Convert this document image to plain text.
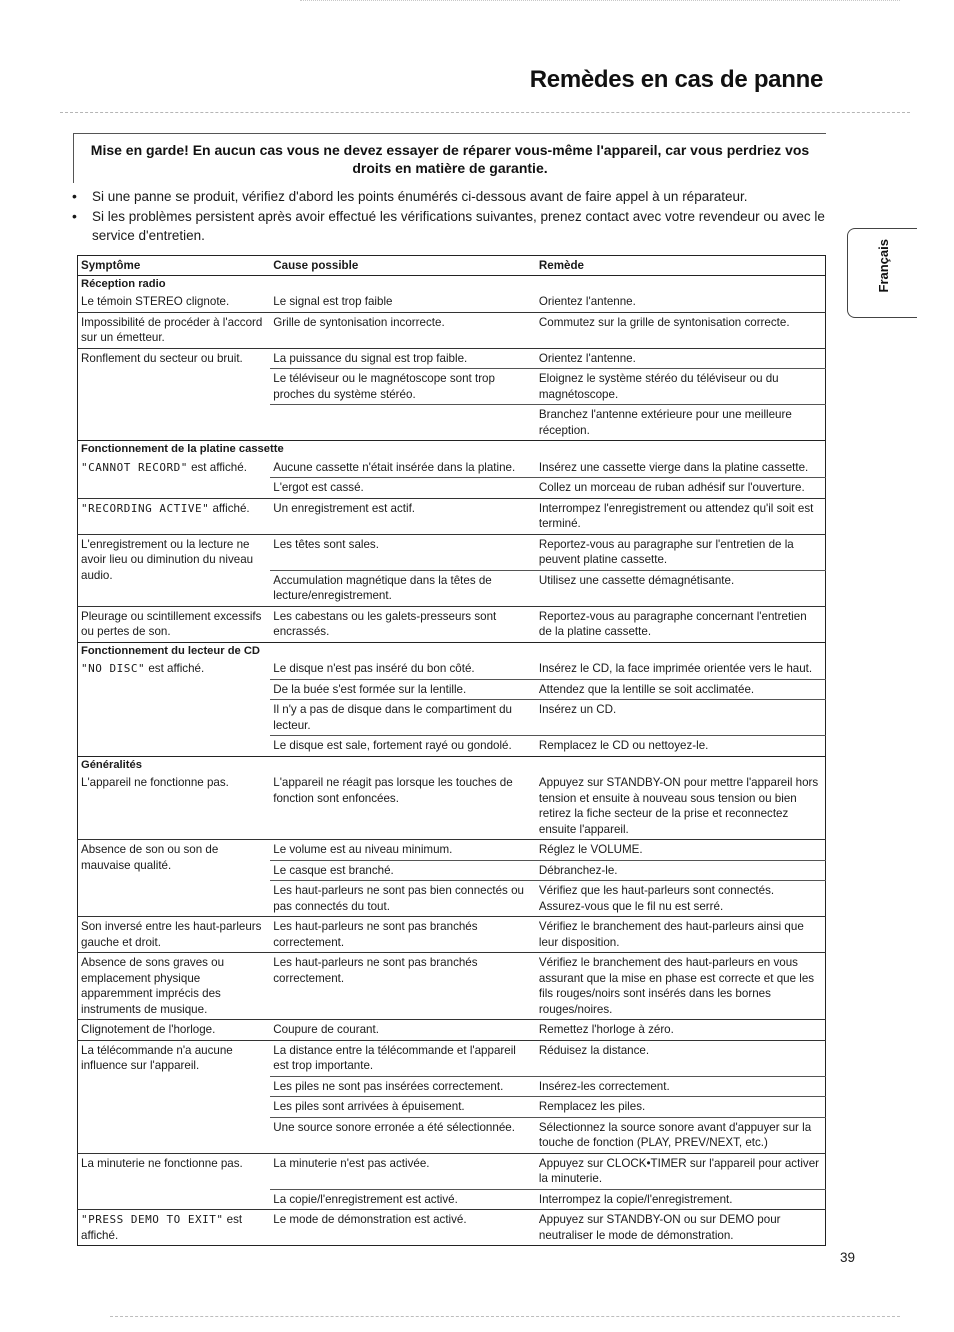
Remèdes en cas de panne

Mise en garde! En aucun cas vous ne devez essayer de réparer vous-même l'appareil, car vous perdriez vos droits en matière de garantie.

• Si une panne se produit, vérifiez d'abord les points énumérés ci-dessous avant de faire appel à un réparateur.
• Si les problèmes persistent après avoir effectué les vérifications suivantes, prenez contact avec votre revendeur ou avec le service d'entretien.
Français
Symptôme	Cause possible	Remède
Réception radio		
Le témoin STEREO clignote.	Le signal est trop faible	Orientez l'antenne.
Impossibilité de procéder à l'accord sur un émetteur.	Grille de syntonisation incorrecte.	Commutez sur la grille de syntonisation correcte.
Ronflement du secteur ou bruit.	La puissance du signal est trop faible.	Orientez l'antenne.
	Le téléviseur ou le magnétoscope sont trop proches du système stéréo.	Eloignez le système stéréo du téléviseur ou du magnétoscope.
		Branchez l'antenne extérieure pour une meilleure réception.
Fonctionnement de la platine cassette		
"CANNOT RECORD" est affiché.	Aucune cassette n'était insérée dans la platine.	Insérez une cassette vierge dans la platine cassette.
	L'ergot est cassé.	Collez un morceau de ruban adhésif sur l'ouverture.
"RECORDING ACTIVE" affiché.	Un enregistrement est actif.	Interrompez l'enregistrement ou attendez qu'il soit est terminé.
L'enregistrement ou la lecture ne avoir lieu ou diminution du niveau audio.	Les têtes sont sales.	Reportez-vous au paragraphe sur l'entretien de la peuvent platine cassette.
	Accumulation magnétique dans la têtes de lecture/enregistrement.	Utilisez une cassette démagnétisante.
Pleurage ou scintillement excessifs ou pertes de son.	Les cabestans ou les galets-presseurs sont encrassés.	Reportez-vous au paragraphe concernant l'entretien de la platine cassette.
Fonctionnement du lecteur de CD		
"NO DISC" est affiché.	Le disque n'est pas inséré du bon côté.	Insérez le CD, la face imprimée orientée vers le haut.
	De la buée s'est formée sur la lentille.	Attendez que la lentille se soit acclimatée.
	Il n'y a pas de disque dans le compartiment du lecteur.	Insérez un CD.
	Le disque est sale, fortement rayé ou gondolé.	Remplacez le CD ou nettoyez-le.
Généralités		
L'appareil ne fonctionne pas.	L'appareil ne réagit pas lorsque les touches de fonction sont enfoncées.	Appuyez sur STANDBY-ON pour mettre l'appareil hors tension et ensuite à nouveau sous tension ou bien retirez la fiche secteur de la prise et reconnectez ensuite l'appareil.
Absence de son ou son de mauvaise qualité.	Le volume est au niveau minimum.	Réglez le VOLUME.
	Le casque est branché.	Débranchez-le.
	Les haut-parleurs ne sont pas bien connectés ou pas connectés du tout.	Vérifiez que les haut-parleurs sont connectés. Assurez-vous que le fil nu est serré.
Son inversé entre les haut-parleurs gauche et droit.	Les haut-parleurs ne sont pas branchés correctement.	Vérifiez le branchement des haut-parleurs ainsi que leur disposition.
Absence de sons graves ou emplacement physique apparemment imprécis des instruments de musique.	Les haut-parleurs ne sont pas branchés correctement.	Vérifiez le branchement des haut-parleurs en vous assurant que la mise en phase est correcte et que les fils rouges/noirs sont insérés dans les bornes rouges/noires.
Clignotement de l'horloge.	Coupure de courant.	Remettez l'horloge à zéro.
La télécommande n'a aucune influence sur l'appareil.	La distance entre la télécommande et l'appareil est trop importante.	Réduisez la distance.
	Les piles ne sont pas insérées correctement.	Insérez-les correctement.
	Les piles sont arrivées à épuisement.	Remplacez les piles.
	Une source sonore erronée a été sélectionnée.	Sélectionnez la source sonore avant d'appuyer sur la touche de fonction (PLAY, PREV/NEXT, etc.)
La minuterie ne fonctionne pas.	La minuterie n'est pas activée.	Appuyez sur CLOCK•TIMER sur l'appareil pour activer la minuterie.
	La copie/l'enregistrement est activé.	Interrompez la copie/l'enregistrement.
"PRESS DEMO TO EXIT" est affiché.	Le mode de démonstration est activé.	Appuyez sur STANDBY-ON ou sur DEMO pour neutraliser le mode de démonstration.
39
